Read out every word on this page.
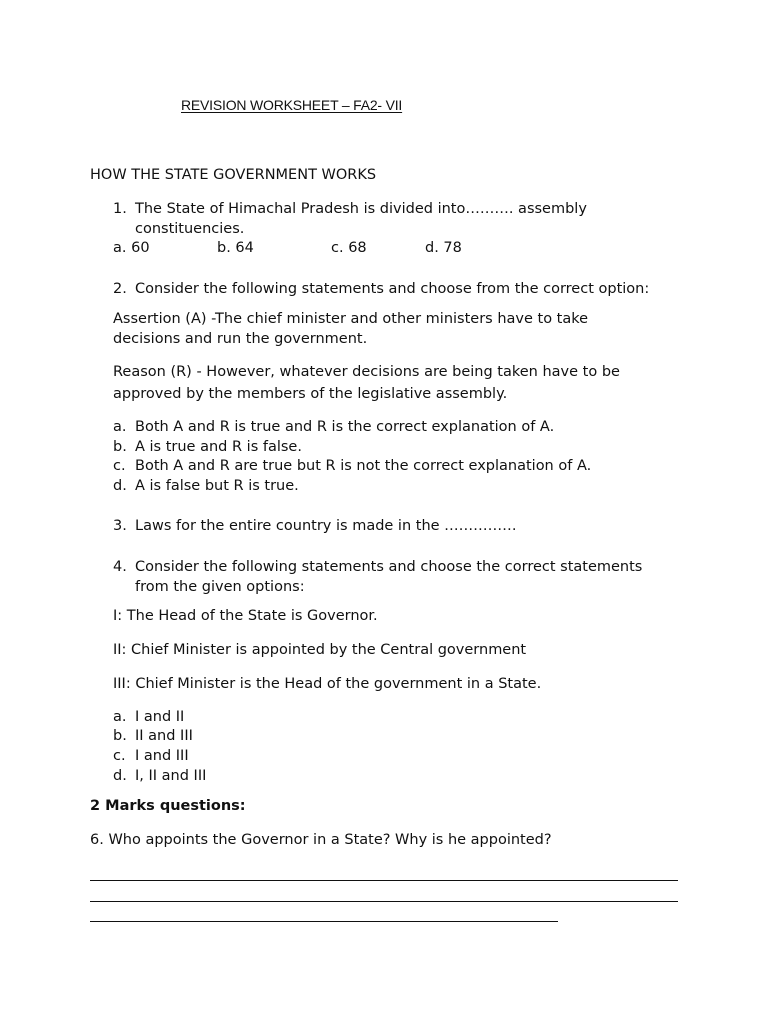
REVISION WORKSHEET – FA2- VII
HOW THE STATE GOVERNMENT WORKS
1. The State of Himachal Pradesh is divided into………. assembly
constituencies.
a. 60	b. 64	c. 68	d. 78
2. Consider the following statements and choose from the correct option:
Assertion (A) -The chief minister and other ministers have to take
decisions and run the government.
Reason (R) - However, whatever decisions are being taken have to be
approved by the members of the legislative assembly.
a. Both A and R is true and R is the correct explanation of A.
b. A is true and R is false.
c. Both A and R are true but R is not the correct explanation of A.
d. A is false but R is true.
3. Laws for the entire country is made in the ……………
4. Consider the following statements and choose the correct statements
from the given options:
I: The Head of the State is Governor.
II: Chief Minister is appointed by the Central government
III: Chief Minister is the Head of the government in a State.
a. I and II
b. II and III
c. I and III
d. I, II and III
2 Marks questions:
6. Who appoints the Governor in a State? Why is he appointed?
